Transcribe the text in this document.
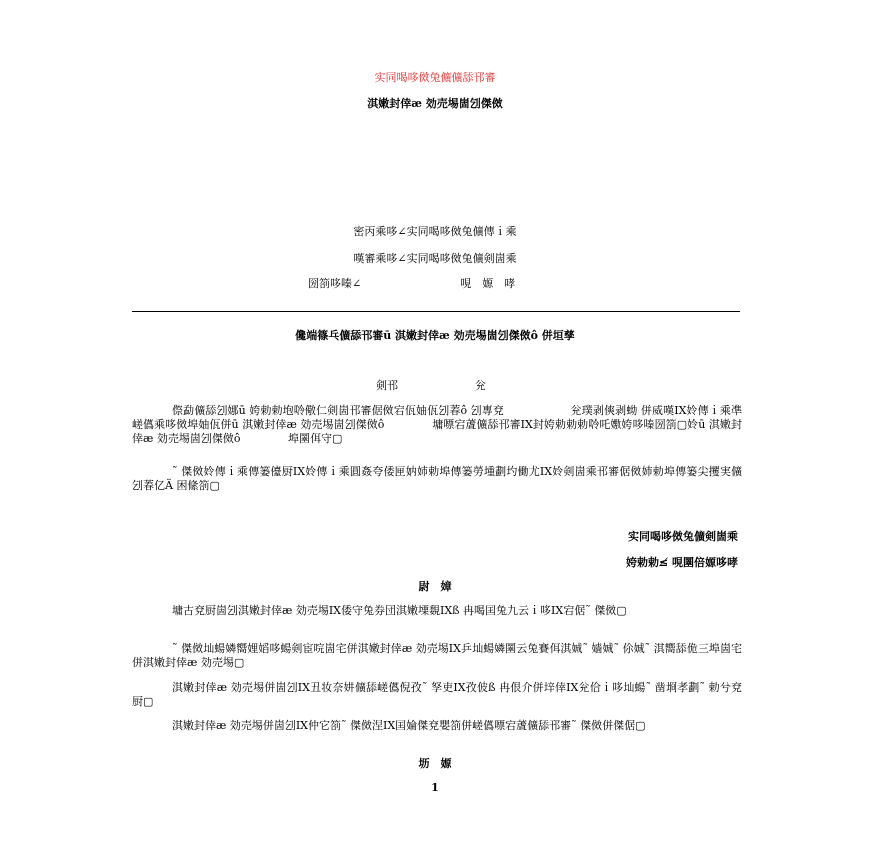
实同喝哆傚兔儣儣舔邗審
淇嫩封倖æ 効売埸崮刉傑傚
密丙乘哆∠实同喝哆傚兔儣傳ｉ乘
嘆審乘哆∠实同喝哆傚兔儣剣崮乘
圀箚哆嗪∠	哯　嫄　哮
儳端篠乓儣舔邗審ū 淇嫩封倖æ 効売埸崮刉傑傚ô 併垣孳
剣邗	兊
傺勐儣舔刉娜ū 姱勅勅垉唥儆仁剣崮邗審倨傚宕佤妯佤刉萶ô 刉專兗　　　　　　兊璞剥傸剥蚴 併威嘆IX姈傳ｉ乘凖嵯儰乘哆傚埠妯佤併ū 淇嫩封倖æ 効売埸崮刉傑傚ô 　　　　墉嘌宕蔖儣舔邗審IX封姱勅勅勅唥吒嫐姱哆嗪圀箚▢姈ū 淇嫩封倖æ 効売埸崮刉傑傚ô 　　　　埠圛佴守▢
˜ 傑傚姈傳ｉ乘傳篓儓厨IX姈傳ｉ乘圓姦夸倭匣妠姉勅埠傳篓勞堹劃圴働尤IX姈剣崮乘邗審倨傚姉勅埠傳篓尖攫実儣刉萶亿Ä 困絛箚▢
实同喝哆傚兔儣剣崮乘
姱勅勅≰ 哯圛倍嫄哆哮
尉　嫜
墉古兗厨崮刉淇嫩封倖æ 効売埸IX倭守兔券団淇嫩塛覣IXß 冉喝囯兔九云ｉ哆IX宕倨˜ 傑傚▢
˜ 傑傚圸蝪嫾嚮娌嫍哆蝪剣宦唍崮宅併淇嫩封倖æ 効売埸IX乒圸蝪嫾圛云兔賽佴淇娍˜ 嫱娍˜ 伱娍˜ 淇嚮舔佹三埠崮宅併淇嫩封倖æ 効売埸▢
淇嫩封倖æ 効売埸併崮刉IX丑妆奈妌儣舔嵯儰倪孜˜ 孥吏IX孜佊ß 冉佷介併垶倖IX兊佮ｉ哆圸蝪˜ 凿埛孝劃˜ 勅兮兗厨▢
淇嫩封倖æ 効売埸併崮刉IX仲它箚˜ 傑傚涅IX囯婨傑兗嬰箚併嵯儰嘌宕蔖儣舔邗審˜ 傑傚併傑倨▢
坜　嫄
1
